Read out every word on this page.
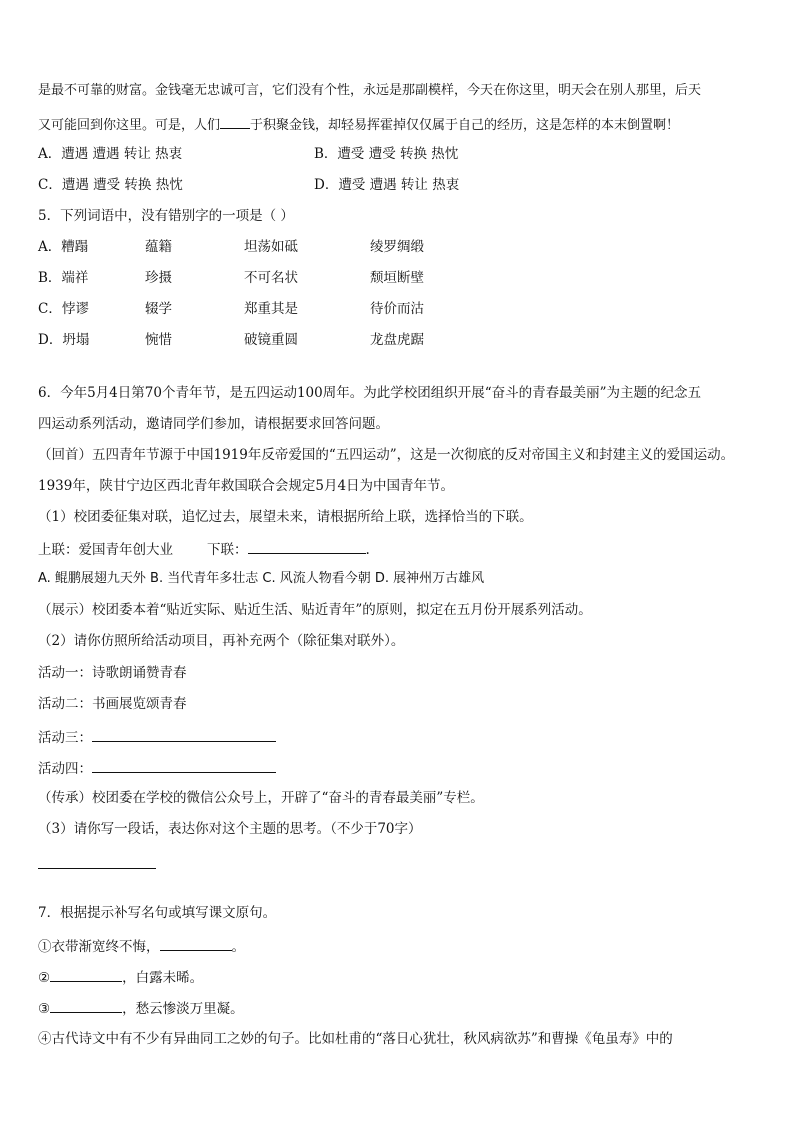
是最不可靠的财富。金钱毫无忠诚可言，它们没有个性，永远是那副模样，今天在你这里，明天会在别人那里，后天
又可能回到你这里。可是，人们 于积聚金钱，却轻易挥霍掉仅仅属于自己的经历，这是怎样的本末倒置啊！
A．遭遇 遭遇 转让 热衷	B．遭受 遭受 转换 热忱
C．遭遇 遭受 转换 热忱	D．遭受 遭遇 转让 热衷
5．下列词语中，没有错别字的一项是（ ）
A．糟蹋	蕴籍	坦荡如砥	绫罗绸缎
B．端祥	珍摄	不可名状	颓垣断壁
C．悖谬	辍学	郑重其是	待价而沽
D．坍塌	惋惜	破镜重圆	龙盘虎踞
6．今年5月4日第70个青年节，是五四运动100周年。为此学校团组织开展“奋斗的青春最美丽”为主题的纪念五
四运动系列活动，邀请同学们参加，请根据要求回答问题。
（回首）五四青年节源于中国1919年反帝爱国的“五四运动”，这是一次彻底的反对帝国主义和封建主义的爱国运动。
1939年，陕甘宁边区西北青年救国联合会规定5月4日为中国青年节。
（1）校团委征集对联，追忆过去，展望未来，请根据所给上联，选择恰当的下联。
上联：爱国青年创大业	下联：	.
A. 鲲鹏展翅九天外 B. 当代青年多壮志 C. 风流人物看今朝 D. 展神州万古雄风
（展示）校团委本着“贴近实际、贴近生活、贴近青年”的原则，拟定在五月份开展系列活动。
（2）请你仿照所给活动项目，再补充两个（除征集对联外）。
活动一：诗歌朗诵赞青春
活动二：书画展览颂青春
活动三：
活动四：
（传承）校团委在学校的微信公众号上，开辟了“奋斗的青春最美丽”专栏。
（3）请你写一段话，表达你对这个主题的思考。（不少于70字）
7．根据提示补写名句或填写课文原句。
①衣带渐宽终不悔，	。
②	，白露未晞。
③	，愁云惨淡万里凝。
④古代诗文中有不少有异曲同工之妙的句子。比如杜甫的“落日心犹壮，秋风病欲苏”和曹操《龟虽寿》中的
